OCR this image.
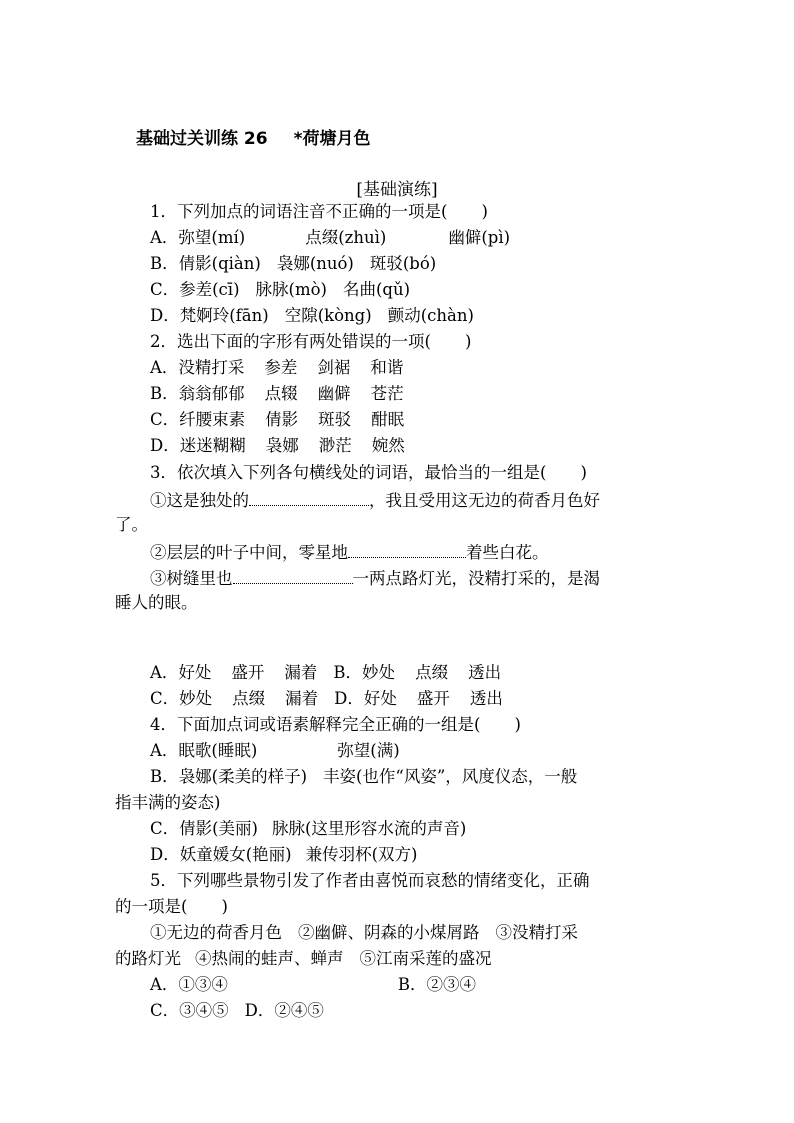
基础过关训练 26 *荷塘月色
[基础演练]
1．下列加点的词语注音不正确的一项是( )
A．弥望(mí)	点缀(zhuì)	幽僻(pì)
B．倩影(qiàn) 袅娜(nuó) 斑驳(bó)
C．参差(cī) 脉脉(mò) 名曲(qǔ)
D．梵婀玲(fān) 空隙(kòng) 颤动(chàn)
2．选出下面的字形有两处错误的一项( )
A．没精打采 参差 剑裾 和谐
B．翁翁郁郁 点辍 幽僻 苍茫
C．纤腰束素 倩影 斑驳 酣眠
D．迷迷糊糊 袅娜 渺茫 婉然
3．依次填入下列各句横线处的词语，最恰当的一组是( )
①这是独处的	，我且受用这无边的荷香月色好
了。
②层层的叶子中间，零星地	着些白花。
③树缝里也	一两点路灯光，没精打采的，是渴
睡人的眼。
A．好处 盛开 漏着 B．妙处 点缀 透出
C．妙处 点缀 漏着 D．好处 盛开 透出
4．下面加点词或语素解释完全正确的一组是( )
A．眠歌(睡眠)	弥望(满)
B．袅娜(柔美的样子) 丰姿(也作“风姿”，风度仪态，一般
指丰满的姿态)
C．倩影(美丽) 脉脉(这里形容水流的声音)
D．妖童媛女(艳丽) 兼传羽杯(双方)
5．下列哪些景物引发了作者由喜悦而哀愁的情绪变化，正确
的一项是( )
①无边的荷香月色 ②幽僻、阴森的小煤屑路 ③没精打采
的路灯光 ④热闹的蛙声、蝉声 ⑤江南采莲的盛况
A．①③④	B．②③④
C．③④⑤ D．②④⑤
